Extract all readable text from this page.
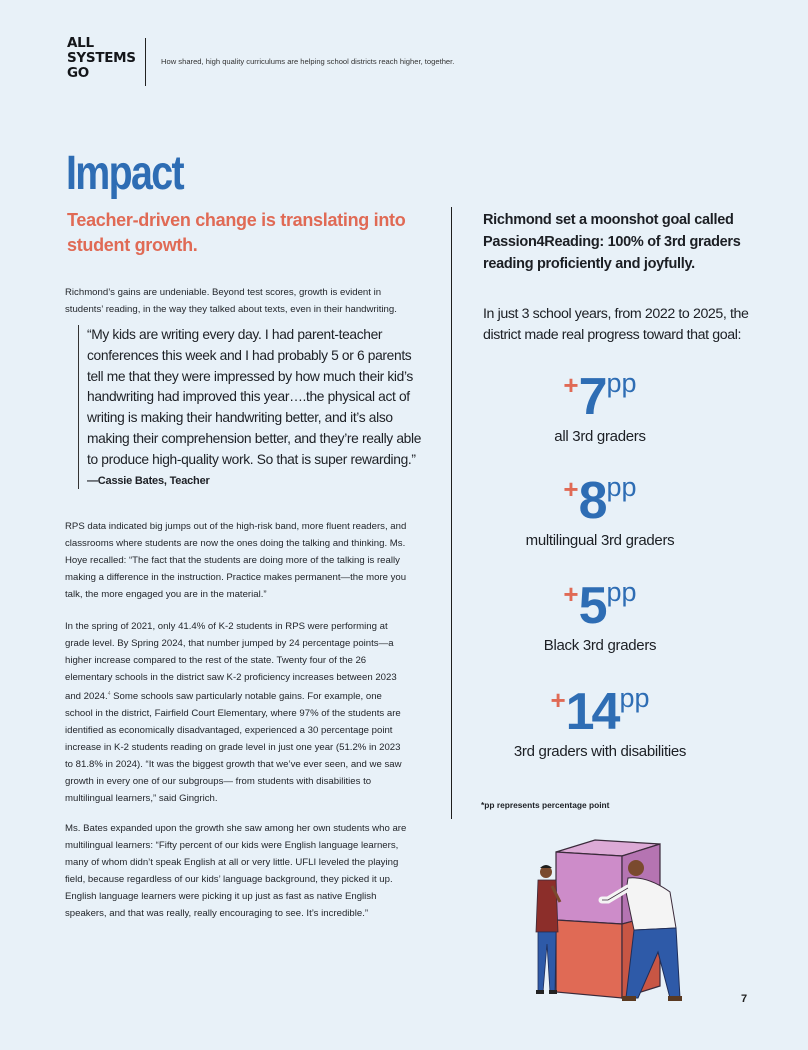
ALL
SYSTEMS
GO
How shared, high quality curriculums are helping school districts reach higher, together.
Impact
Teacher-driven change is translating into student growth.

Richmond’s gains are undeniable. Beyond test scores, growth is evident in students’ reading, in the way they talked about texts, even in their handwriting.

“My kids are writing every day. I had parent-teacher conferences this week and I had probably 5 or 6 parents tell me that they were impressed by how much their kid’s handwriting had improved this year….the physical act of writing is making their handwriting better, and it’s also making their comprehension better, and they’re really able to produce high-quality work. So that is super rewarding.” —Cassie Bates, Teacher

RPS data indicated big jumps out of the high-risk band, more fluent readers, and classrooms where students are now the ones doing the talking and thinking. Ms. Hoye recalled: “The fact that the students are doing more of the talking is really making a difference in the instruction. Practice makes permanent—the more you talk, the more engaged you are in the material.”

In the spring of 2021, only 41.4% of K-2 students in RPS were performing at grade level. By Spring 2024, that number jumped by 24 percentage points—a higher increase compared to the rest of the state. Twenty four of the 26 elementary schools in the district saw K-2 proficiency increases between 2023 and 2024.$^4$ Some schools saw particularly notable gains. For example, one school in the district, Fairfield Court Elementary, where 97% of the students are identified as economically disadvantaged, experienced a 30 percentage point increase in K-2 students reading on grade level in just one year (51.2% in 2023 to 81.8% in 2024). “It was the biggest growth that we’ve ever seen, and we saw growth in every one of our subgroups— from students with disabilities to multilingual learners,” said Gingrich.

Ms. Bates expanded upon the growth she saw among her own students who are multilingual learners: “Fifty percent of our kids were English language learners, many of whom didn’t speak English at all or very little. UFLI leveled the playing field, because regardless of our kids’ language background, they picked it up. English language learners were picking it up just as fast as native English speakers, and that was really, really encouraging to see. It’s incredible.”

Richmond set a moonshot goal called Passion4Reading: 100% of 3rd graders reading proficiently and joyfully.

In just 3 school years, from 2022 to 2025, the district made real progress toward that goal:

+7pp
all 3rd graders
+8pp
multilingual 3rd graders
+5pp
Black 3rd graders
+14pp
3rd graders with disabilities
*pp represents percentage point
7
